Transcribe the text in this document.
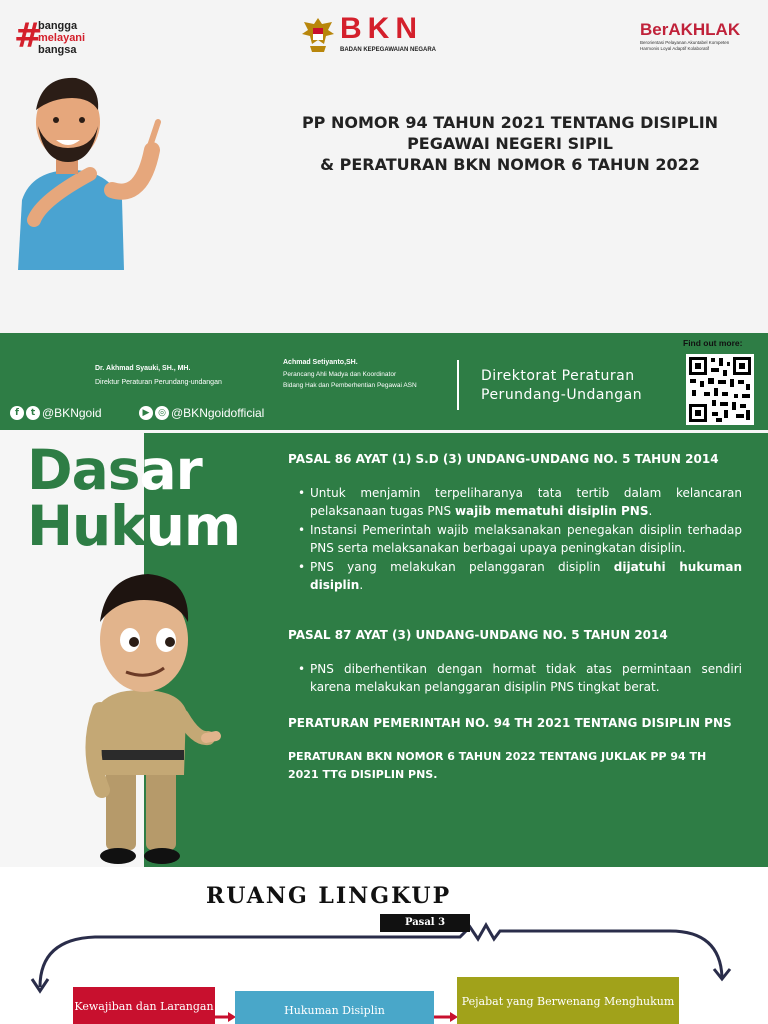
#
bangga
melayani
bangsa
BKN
BADAN KEPEGAWAIAN NEGARA
BerAKHLAK
Berorientasi Pelayanan Akuntabel Kompeten
Harmonis Loyal Adaptif Kolaboratif
PP NOMOR 94 TAHUN 2021 TENTANG DISIPLIN
PEGAWAI NEGERI SIPIL
& PERATURAN BKN NOMOR 6 TAHUN 2022
Dr. Akhmad Syauki, SH., MH.
Direktur Peraturan Perundang-undangan
Achmad Setiyanto,SH.
Perancang Ahli Madya dan Koordinator
Bidang Hak dan Pemberhentian Pegawai ASN
Direktorat Peraturan
Perundang-Undangan
Find out more:
f	t @BKNgoid	▶ ◎ @BKNgoidofficial
Dasar
Hukum
PASAL 86 AYAT (1) S.D (3) UNDANG-UNDANG NO. 5 TAHUN 2014
• Untuk menjamin terpeliharanya tata tertib dalam kelancaran pelaksanaan tugas PNS wajib mematuhi disiplin PNS.
• Instansi Pemerintah wajib melaksanakan penegakan disiplin terhadap PNS serta melaksanakan berbagai upaya peningkatan disiplin.
• PNS yang melakukan pelanggaran disiplin dijatuhi hukuman disiplin.
PASAL 87 AYAT (3) UNDANG-UNDANG NO. 5 TAHUN 2014
• PNS diberhentikan dengan hormat tidak atas permintaan sendiri karena melakukan pelanggaran disiplin PNS tingkat berat.
PERATURAN PEMERINTAH NO. 94 TH 2021 TENTANG DISIPLIN PNS
PERATURAN BKN NOMOR 6 TAHUN 2022 TENTANG JUKLAK PP 94 TH
2021 TTG DISIPLIN PNS.
RUANG LINGKUP
Pasal 3
Kewajiban dan Larangan	Hukuman Disiplin
Pejabat yang Berwenang Menghukum
